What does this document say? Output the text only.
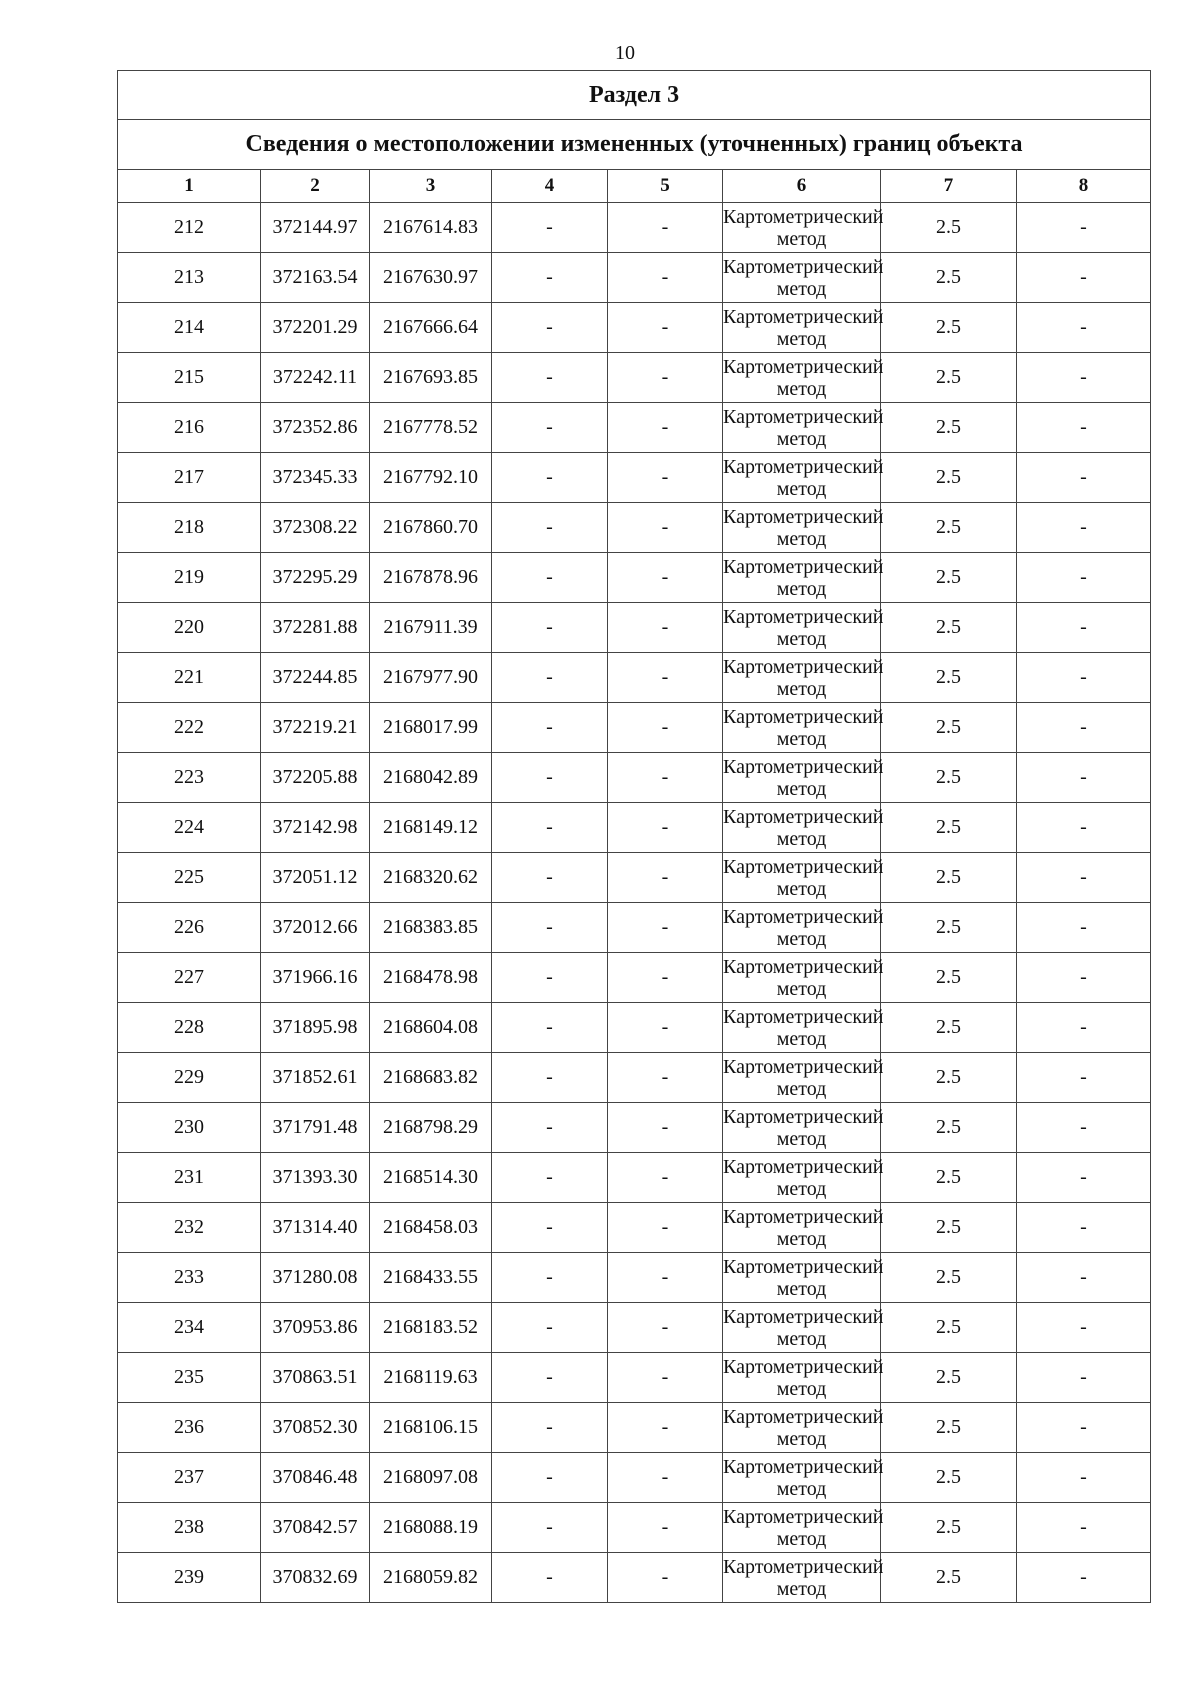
10
Раздел 3							
Сведения о местоположении измененных (уточненных) границ объекта							
1	2	3	4	5	6	7	8
212	372144.97	2167614.83	-	-	Картометрический метод	2.5	-
213	372163.54	2167630.97	-	-	Картометрический метод	2.5	-
214	372201.29	2167666.64	-	-	Картометрический метод	2.5	-
215	372242.11	2167693.85	-	-	Картометрический метод	2.5	-
216	372352.86	2167778.52	-	-	Картометрический метод	2.5	-
217	372345.33	2167792.10	-	-	Картометрический метод	2.5	-
218	372308.22	2167860.70	-	-	Картометрический метод	2.5	-
219	372295.29	2167878.96	-	-	Картометрический метод	2.5	-
220	372281.88	2167911.39	-	-	Картометрический метод	2.5	-
221	372244.85	2167977.90	-	-	Картометрический метод	2.5	-
222	372219.21	2168017.99	-	-	Картометрический метод	2.5	-
223	372205.88	2168042.89	-	-	Картометрический метод	2.5	-
224	372142.98	2168149.12	-	-	Картометрический метод	2.5	-
225	372051.12	2168320.62	-	-	Картометрический метод	2.5	-
226	372012.66	2168383.85	-	-	Картометрический метод	2.5	-
227	371966.16	2168478.98	-	-	Картометрический метод	2.5	-
228	371895.98	2168604.08	-	-	Картометрический метод	2.5	-
229	371852.61	2168683.82	-	-	Картометрический метод	2.5	-
230	371791.48	2168798.29	-	-	Картометрический метод	2.5	-
231	371393.30	2168514.30	-	-	Картометрический метод	2.5	-
232	371314.40	2168458.03	-	-	Картометрический метод	2.5	-
233	371280.08	2168433.55	-	-	Картометрический метод	2.5	-
234	370953.86	2168183.52	-	-	Картометрический метод	2.5	-
235	370863.51	2168119.63	-	-	Картометрический метод	2.5	-
236	370852.30	2168106.15	-	-	Картометрический метод	2.5	-
237	370846.48	2168097.08	-	-	Картометрический метод	2.5	-
238	370842.57	2168088.19	-	-	Картометрический метод	2.5	-
239	370832.69	2168059.82	-	-	Картометрический метод	2.5	-
